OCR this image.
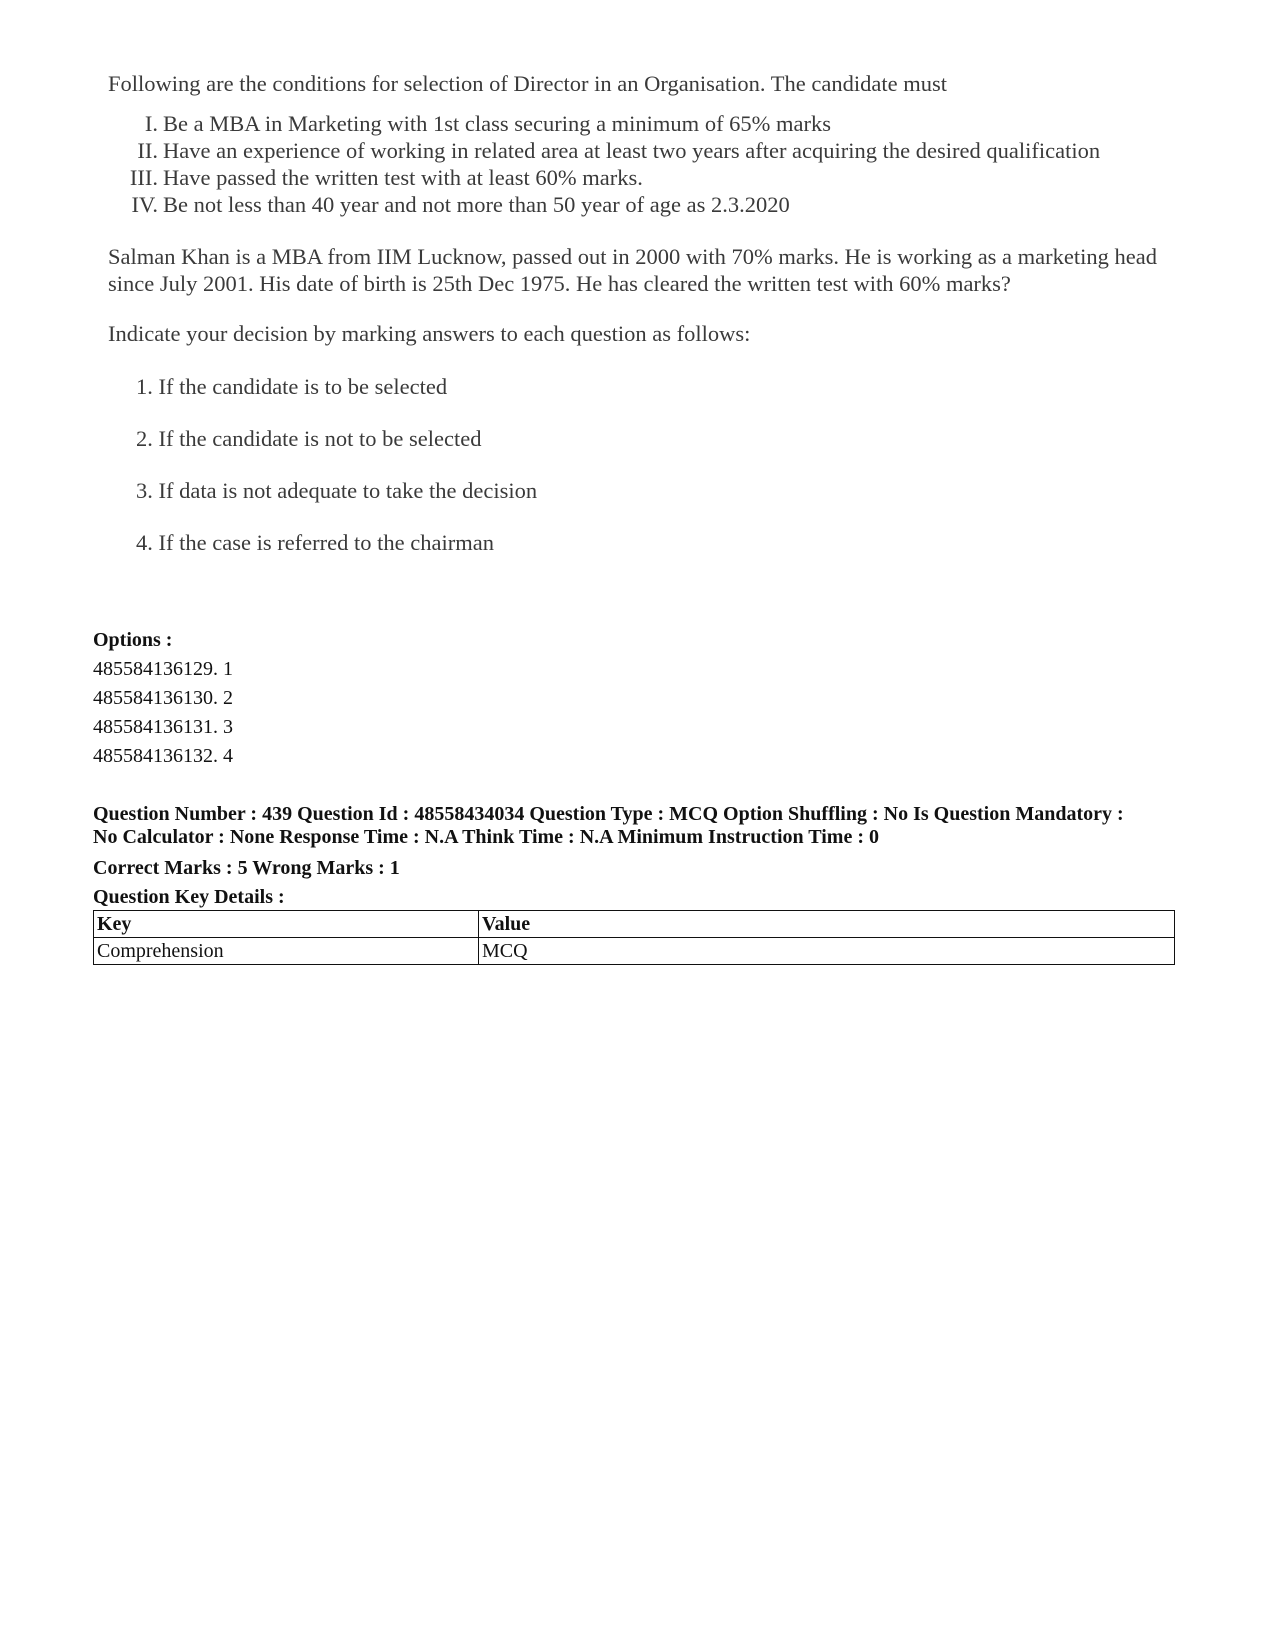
Following are the conditions for selection of Director in an Organisation. The candidate must

I. Be a MBA in Marketing with 1st class securing a minimum of 65% marks
II. Have an experience of working in related area at least two years after acquiring the desired qualification
III. Have passed the written test with at least 60% marks.
IV. Be not less than 40 year and not more than 50 year of age as 2.3.2020

Salman Khan is a MBA from IIM Lucknow, passed out in 2000 with 70% marks. He is working as a marketing head since July 2001. His date of birth is 25th Dec 1975. He has cleared the written test with 60% marks?

Indicate your decision by marking answers to each question as follows:

1. If the candidate is to be selected
2. If the candidate is not to be selected
3. If data is not adequate to take the decision
4. If the case is referred to the chairman
Options :
485584136129. 1
485584136130. 2
485584136131. 3
485584136132. 4
Question Number : 439 Question Id : 48558434034 Question Type : MCQ Option Shuffling : No Is Question Mandatory :
No Calculator : None Response Time : N.A Think Time : N.A Minimum Instruction Time : 0
Correct Marks : 5 Wrong Marks : 1
Question Key Details :
Key	Value
Comprehension	MCQ
